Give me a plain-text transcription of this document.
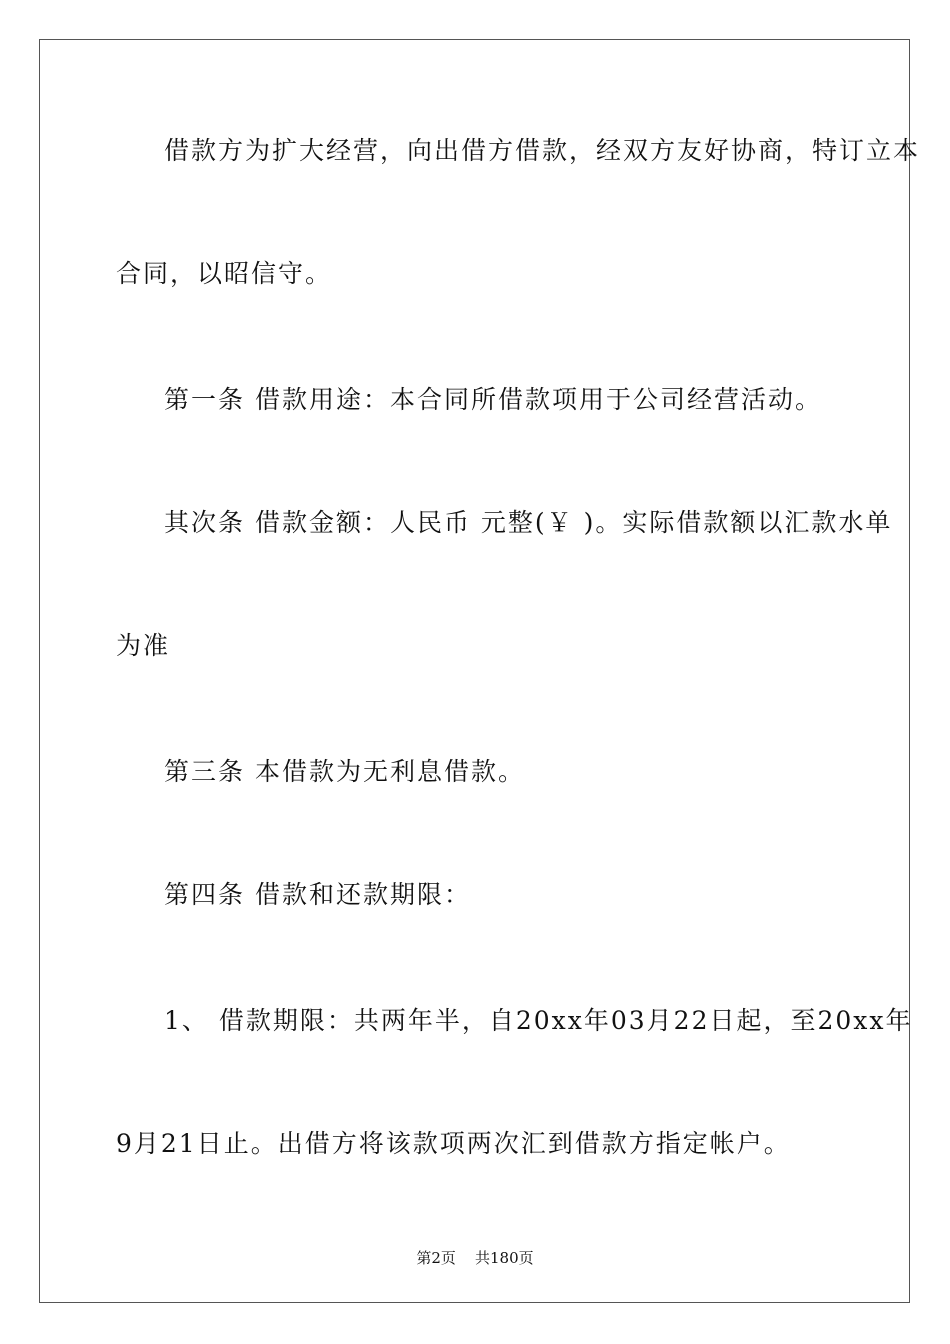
借款方为扩大经营，向出借方借款，经双方友好协商，特订立本
合同，以昭信守。
第一条 借款用途：本合同所借款项用于公司经营活动。
其次条 借款金额：人民币 元整(￥ )。实际借款额以汇款水单
为准
第三条 本借款为无利息借款。
第四条 借款和还款期限：
1、 借款期限：共两年半，自20xx年03月22日起，至20xx年
9月21日止。出借方将该款项两次汇到借款方指定帐户。
第2页    共180页
